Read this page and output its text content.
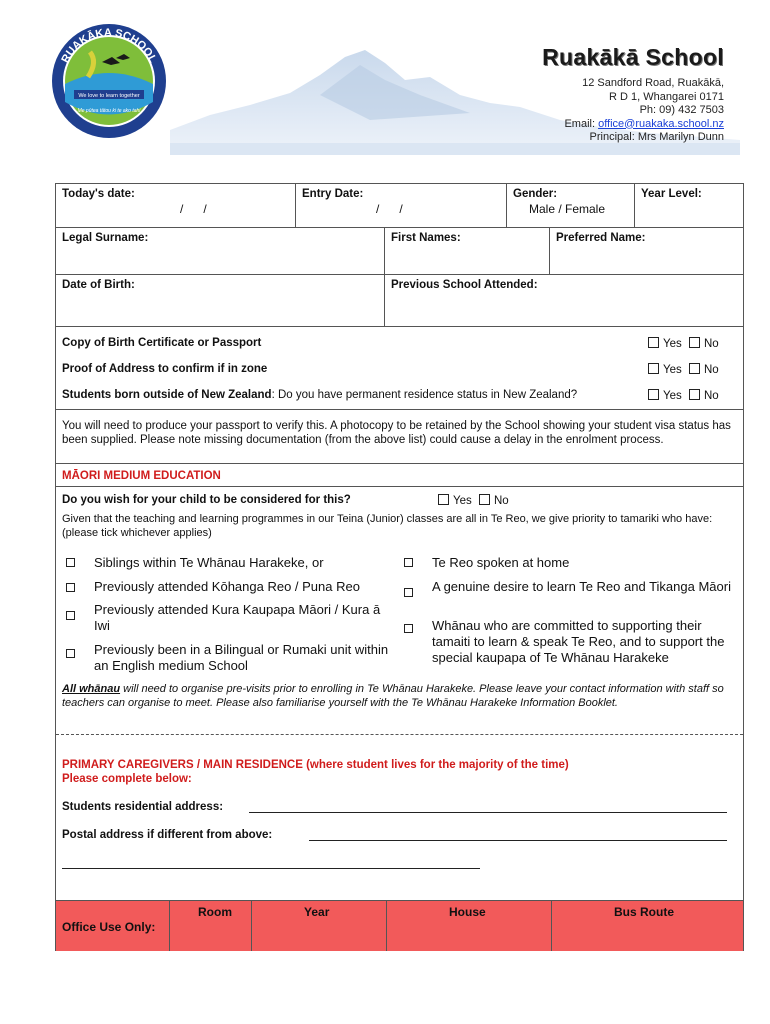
We love to learn together
Me pūtea tātou ki te ako tahi
RUAKĀKA SCHOOL	Ruakākā School
12 Sandford Road, Ruakākā,
R D 1, Whangarei 0171
Ph: 09) 432 7503
Email: office@ruakaka.school.nz
Principal: Mrs Marilyn Dunn
Today's date:
/      /
Entry Date:
/      /
Gender:
Male / Female
Year Level:
Legal Surname:	First Names:	Preferred Name:
Date of Birth:	Previous School Attended:
Copy of Birth Certificate or Passport	Yes No
Proof of Address to confirm if in zone	Yes No
Students born outside of New Zealand: Do you have permanent residence status in New Zealand?	Yes No
You will need to produce your passport to verify this. A photocopy to be retained by the School showing your student visa status has been supplied. Please note missing documentation (from the above list) could cause a delay in the enrolment process.
MĀORI MEDIUM EDUCATION
Do you wish for your child to be considered for this?	Yes No
Given that the teaching and learning programmes in our Teina (Junior) classes are all in Te Reo, we give priority to tamariki who have: (please tick whichever applies)
Siblings within Te Whānau Harakeke, or
Previously attended Kōhanga Reo / Puna Reo
Previously attended Kura Kaupapa Māori / Kura ā Iwi
Previously been in a Bilingual or Rumaki unit within an English medium School
Te Reo spoken at home
A genuine desire to learn Te Reo and Tikanga Māori
Whānau who are committed to supporting their tamaiti to learn & speak Te Reo, and to support the special kaupapa of Te Whānau Harakeke
All whānau will need to organise pre-visits prior to enrolling in Te Whānau Harakeke. Please leave your contact information with staff so teachers can organise to meet. Please also familiarise yourself with the Te Whānau Harakeke Information Booklet.
PRIMARY CAREGIVERS / MAIN RESIDENCE (where student lives for the majority of the time)
Please complete below:
Students residential address:
Postal address if different from above:
Office Use Only:
Room	Year	House	Bus Route
